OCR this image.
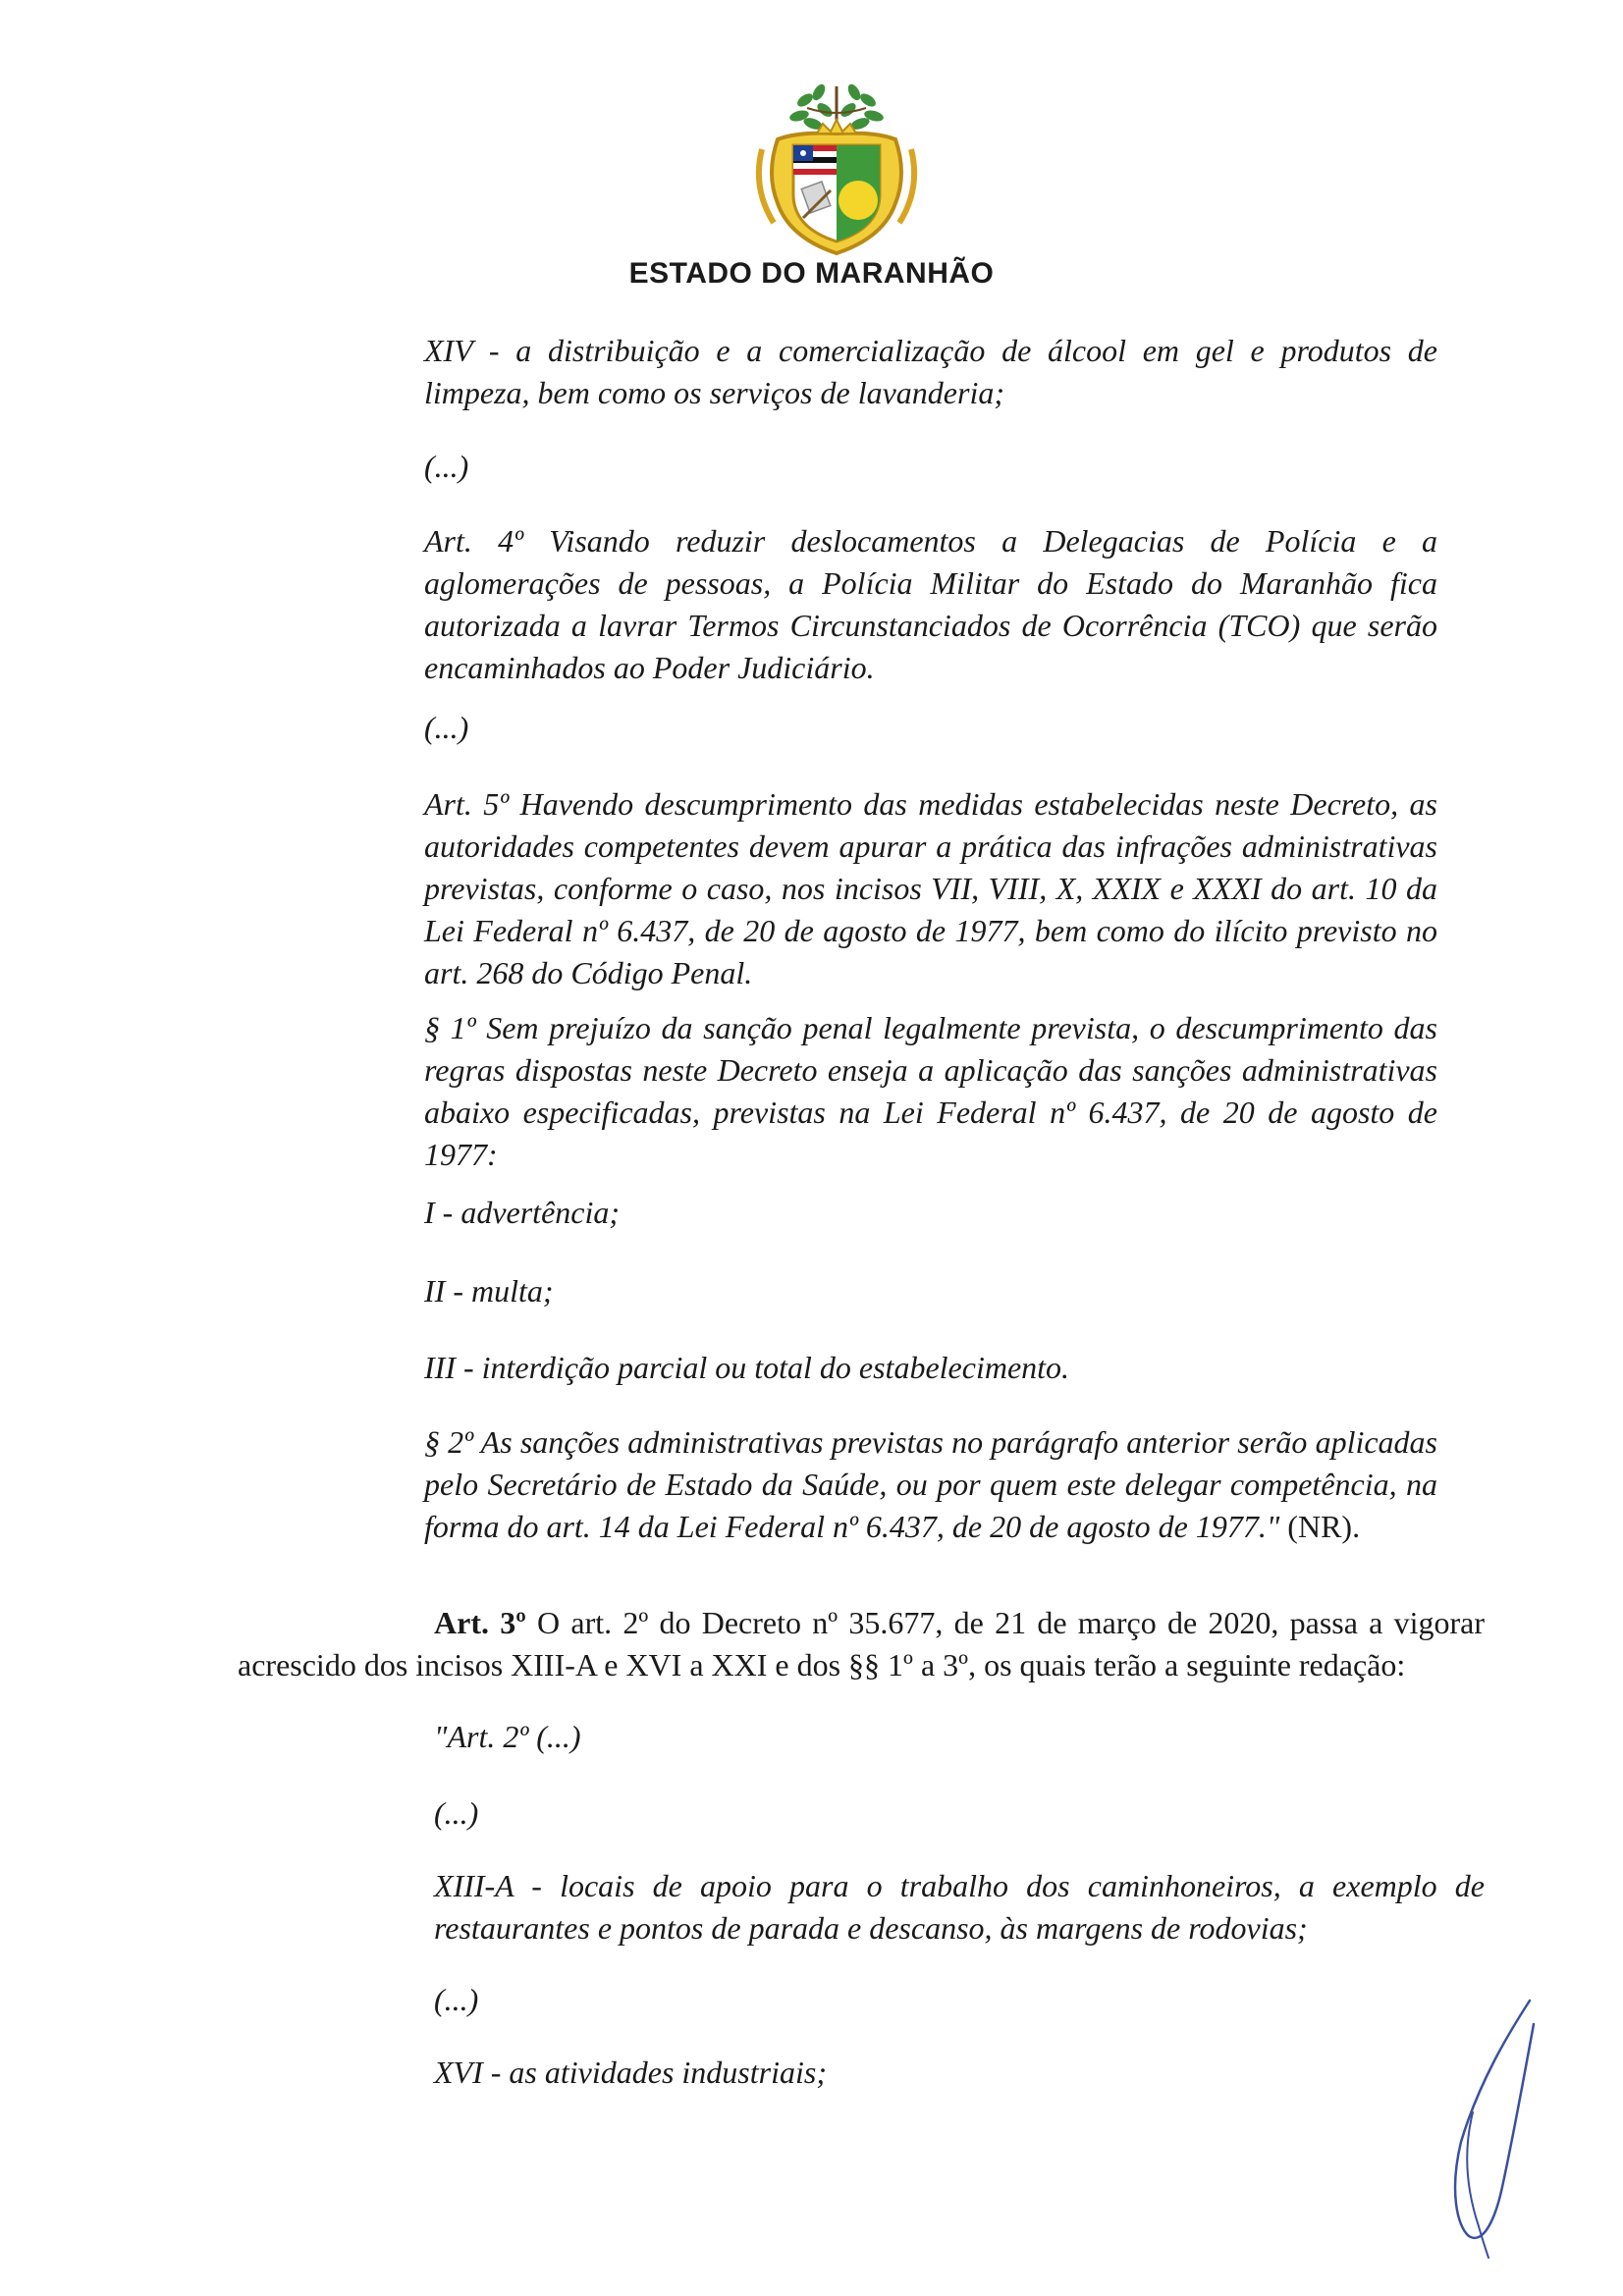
ESTADO DO MARANHÃO

XIV - a distribuição e a comercialização de álcool em gel e produtos de limpeza, bem como os serviços de lavanderia;

(...)

Art. 4º Visando reduzir deslocamentos a Delegacias de Polícia e a aglomerações de pessoas, a Polícia Militar do Estado do Maranhão fica autorizada a lavrar Termos Circunstanciados de Ocorrência (TCO) que serão encaminhados ao Poder Judiciário.

(...)

Art. 5º Havendo descumprimento das medidas estabelecidas neste Decreto, as autoridades competentes devem apurar a prática das infrações administrativas previstas, conforme o caso, nos incisos VII, VIII, X, XXIX e XXXI do art. 10 da Lei Federal nº 6.437, de 20 de agosto de 1977, bem como do ilícito previsto no art. 268 do Código Penal.

§ 1º Sem prejuízo da sanção penal legalmente prevista, o descumprimento das regras dispostas neste Decreto enseja a aplicação das sanções administrativas abaixo especificadas, previstas na Lei Federal nº 6.437, de 20 de agosto de 1977:

I - advertência;

II - multa;

III - interdição parcial ou total do estabelecimento.

§ 2º As sanções administrativas previstas no parágrafo anterior serão aplicadas pelo Secretário de Estado da Saúde, ou por quem este delegar competência, na forma do art. 14 da Lei Federal nº 6.437, de 20 de agosto de 1977." (NR).

Art. 3º O art. 2º do Decreto nº 35.677, de 21 de março de 2020, passa a vigorar acrescido dos incisos XIII-A e XVI a XXI e dos §§ 1º a 3º, os quais terão a seguinte redação:

"Art. 2º (...)

(...)

XIII-A - locais de apoio para o trabalho dos caminhoneiros, a exemplo de restaurantes e pontos de parada e descanso, às margens de rodovias;

(...)

XVI - as atividades industriais;
